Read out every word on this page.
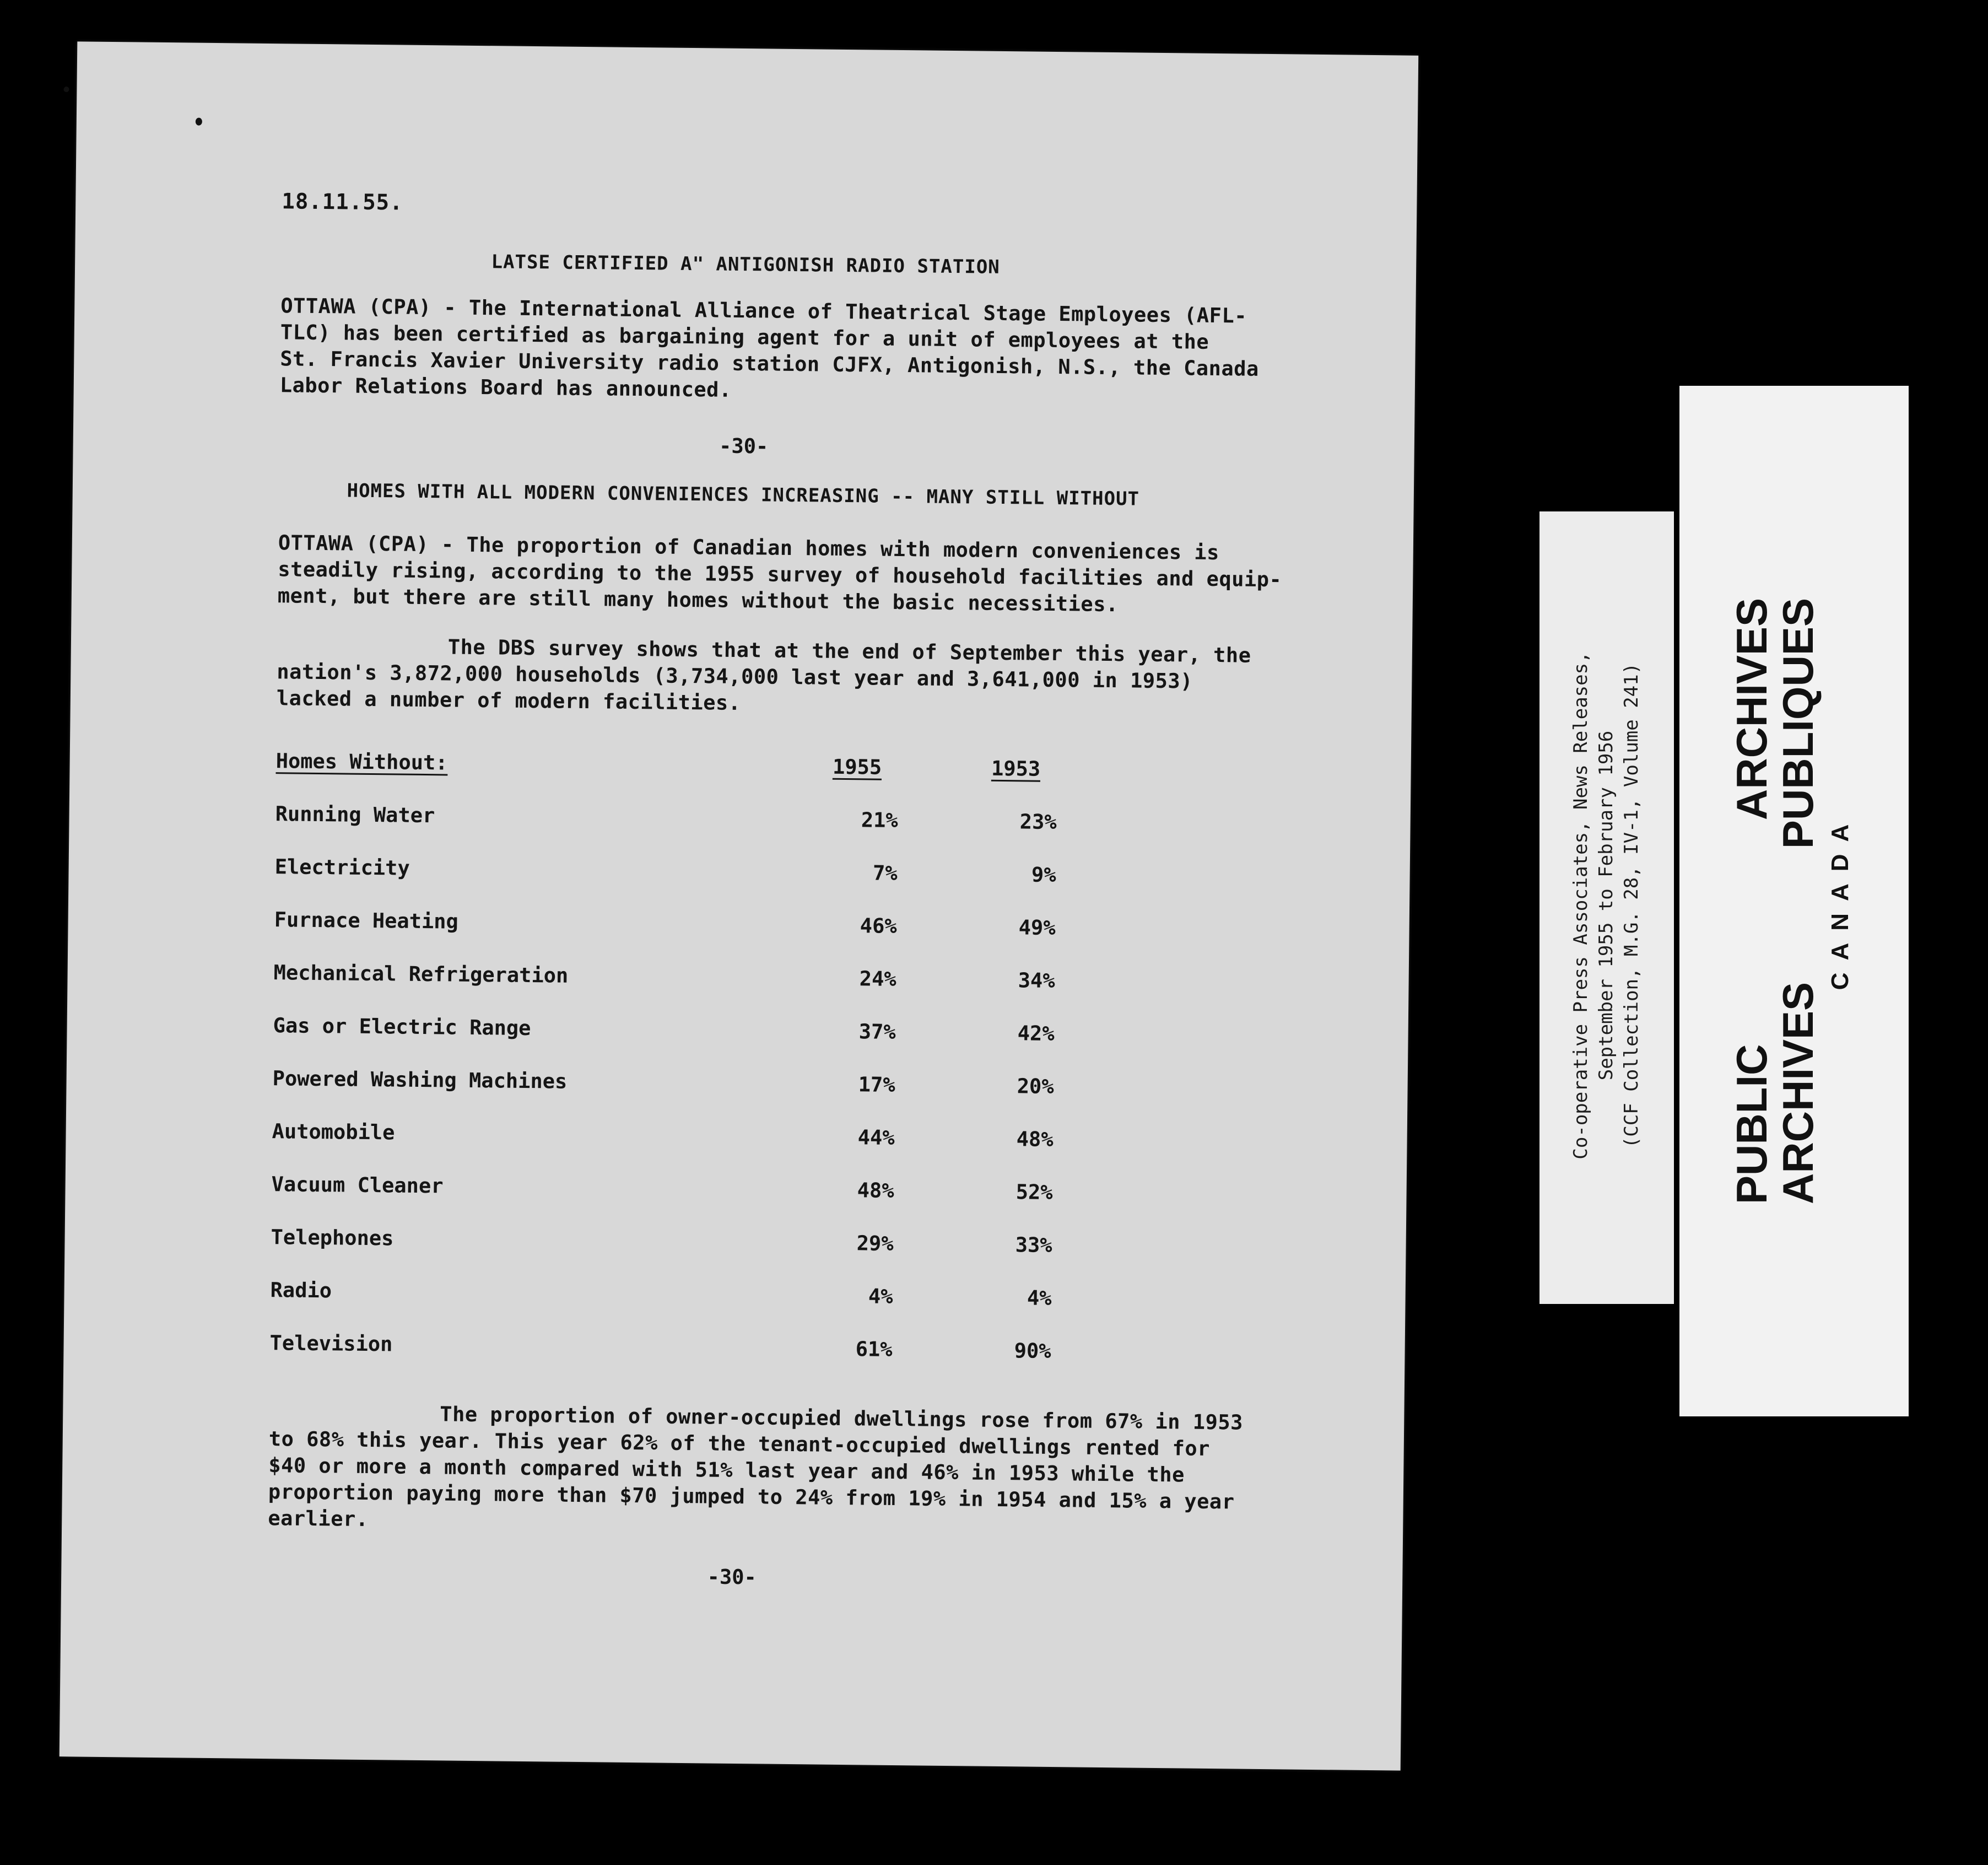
18.11.55.
LATSE CERTIFIED A" ANTIGONISH RADIO STATION
OTTAWA (CPA) - The International Alliance of Theatrical Stage Employees (AFL-
TLC) has been certified as bargaining agent for a unit of employees at the
St. Francis Xavier University radio station CJFX, Antigonish, N.S., the Canada
Labor Relations Board has announced.
-30-
HOMES WITH ALL MODERN CONVENIENCES INCREASING -- MANY STILL WITHOUT
OTTAWA (CPA) - The proportion of Canadian homes with modern conveniences is
steadily rising, according to the 1955 survey of household facilities and equip-
ment, but there are still many homes without the basic necessities.
The DBS survey shows that at the end of September this year, the
nation's 3,872,000 households (3,734,000 last year and 3,641,000 in 1953)
lacked a number of modern facilities.
Homes Without:	1955	1953
Running Water	21%	23%
Electricity	7%	9%
Furnace Heating	46%	49%
Mechanical Refrigeration	24%	34%
Gas or Electric Range	37%	42%
Powered Washing Machines	17%	20%
Automobile	44%	48%
Vacuum Cleaner	48%	52%
Telephones	29%	33%
Radio	4%	4%
Television	61%	90%
The proportion of owner-occupied dwellings rose from 67% in 1953
to 68% this year. This year 62% of the tenant-occupied dwellings rented for
$40 or more a month compared with 51% last year and 46% in 1953 while the
proportion paying more than $70 jumped to 24% from 19% in 1954 and 15% a year
earlier.
-30-
Co-operative Press Associates, News Releases, September 1955 to February 1956 (CCF Collection, M.G. 28, IV-1, Volume 241) PUBLIC
ARCHIVES
ARCHIVES
PUBLIQUES
CANADA
